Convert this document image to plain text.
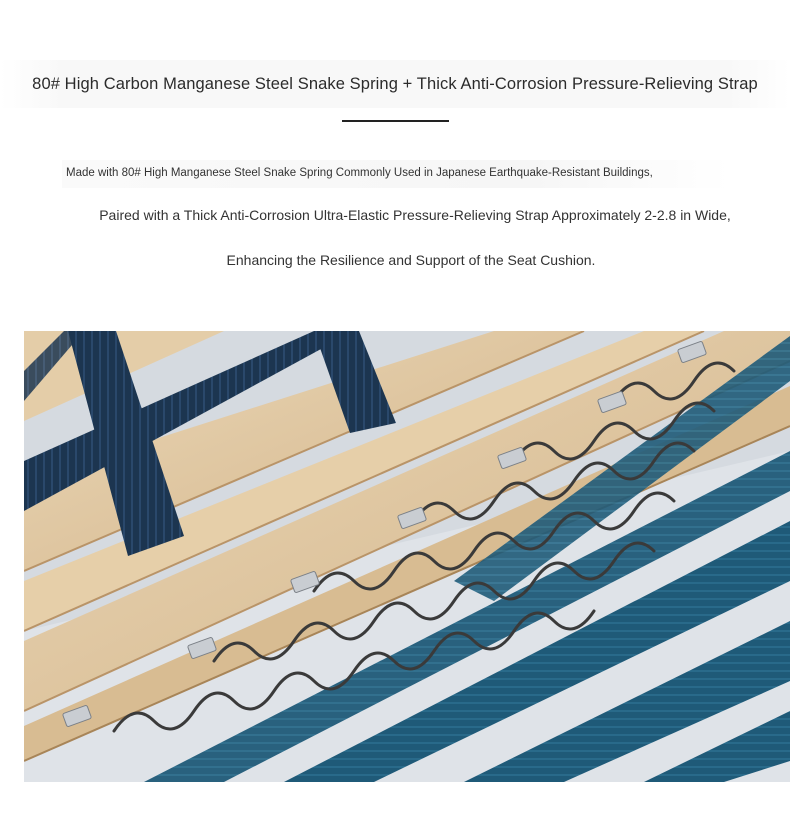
80# High Carbon Manganese Steel Snake Spring + Thick Anti-Corrosion Pressure-Relieving Strap
Made with 80# High Manganese Steel Snake Spring Commonly Used in Japanese Earthquake-Resistant Buildings,
Paired with a Thick Anti-Corrosion Ultra-Elastic Pressure-Relieving Strap Approximately 2-2.8 in Wide,
Enhancing the Resilience and Support of the Seat Cushion.
